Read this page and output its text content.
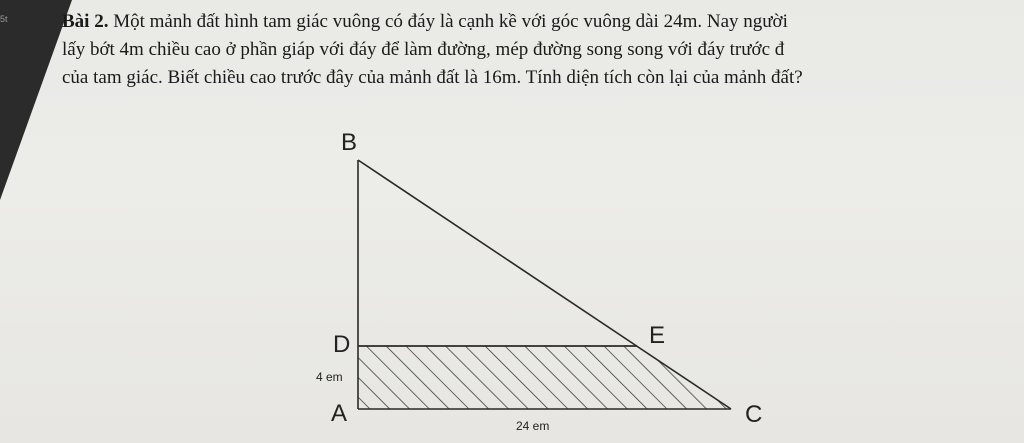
5t	Bài 2. Một mảnh đất hình tam giác vuông có đáy là cạnh kề với góc vuông dài 24m. Nay người
lấy bớt 4m chiều cao ở phần giáp với đáy để làm đường, mép đường song song với đáy trước đ
của tam giác. Biết chiều cao trước đây của mảnh đất là 16m. Tính diện tích còn lại của mảnh đất?
B
D	E
A	C
4 em
24 em
